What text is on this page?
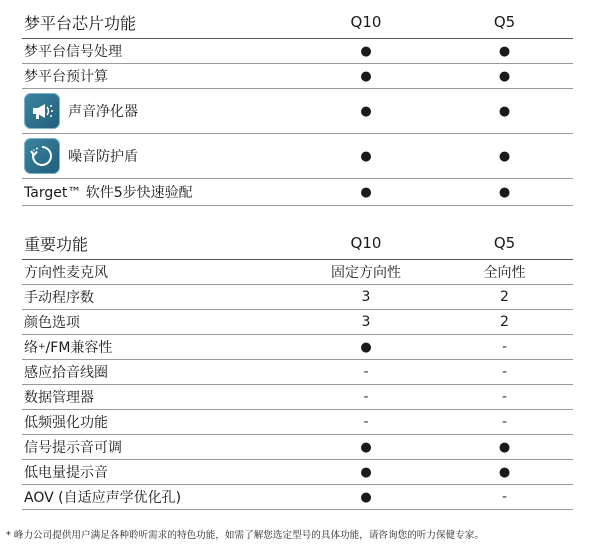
梦平台芯片功能	Q10	Q5
梦平台信号处理	●	●
梦平台预计算	●	●
声音净化器	●	●
噪音防护盾	●	●
Target™ 软件5步快速验配	●	●
重要功能	Q10	Q5
方向性麦克风	固定方向性	全向性
手动程序数	3	2
颜色选项	3	2
络 + /FM兼容性	●	-
感应拾音线圈	-	-
数据管理器	-	-
低频强化功能	-	-
信号提示音可调	●	●
低电量提示音	●	●
AOV (自适应声学优化孔)	●	-
* 峰力公司提供用户满足各种聆听需求的特色功能，如需了解您选定型号的具体功能，请咨询您的听力保健专家。
